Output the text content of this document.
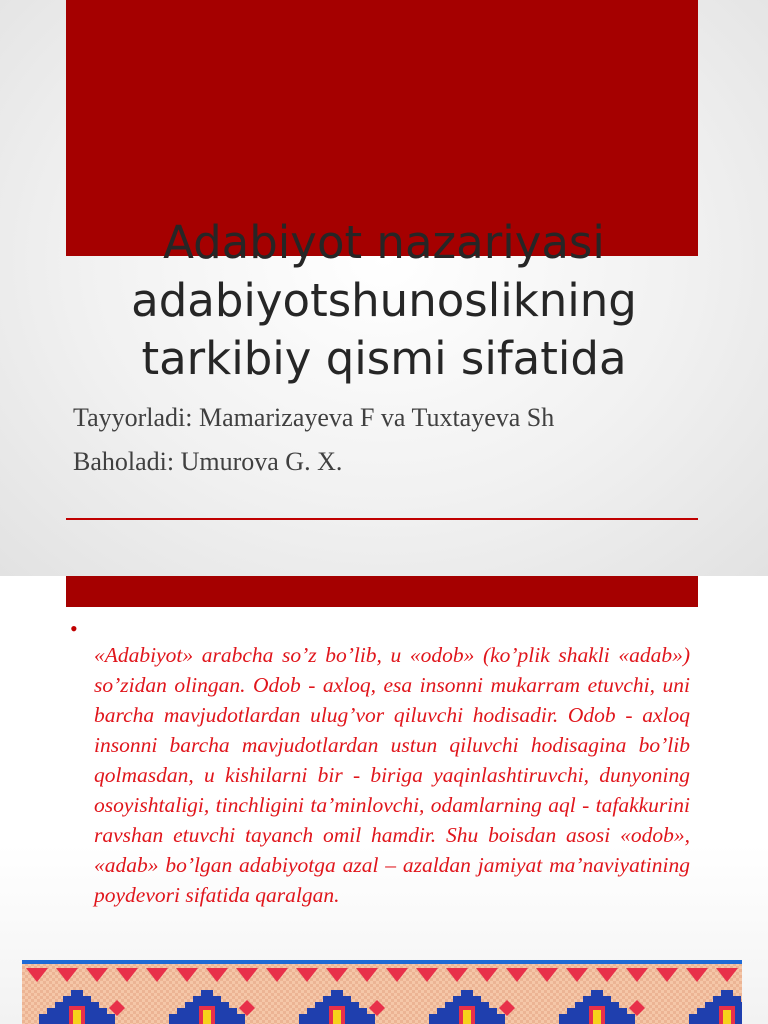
Adabiyot nazariyasi
adabiyotshunoslikning
tarkibiy qismi sifatida
Tayyorladi: Mamarizayeva F va Tuxtayeva Sh
Baholadi: Umurova G. X.
•

«Adabiyot» arabcha so’z bo’lib, u «odob» (ko’plik shakli «adab») so’zidan olingan. Odob - axloq, esa insonni mukarram etuvchi, uni barcha mavjudotlardan ulug’vor qiluvchi hodisadir. Odob - axloq insonni barcha mavjudotlardan ustun qiluvchi hodisagina bo’lib qolmasdan, u kishilarni bir - biriga yaqinlashtiruvchi, dunyoning osoyishtaligi, tinchligini ta’minlovchi, odamlarning aql - tafakkurini ravshan etuvchi tayanch omil hamdir. Shu boisdan asosi «odob», «adab» bo’lgan adabiyotga azal – azaldan jamiyat ma’naviyatining poydevori sifatida qaralgan.
